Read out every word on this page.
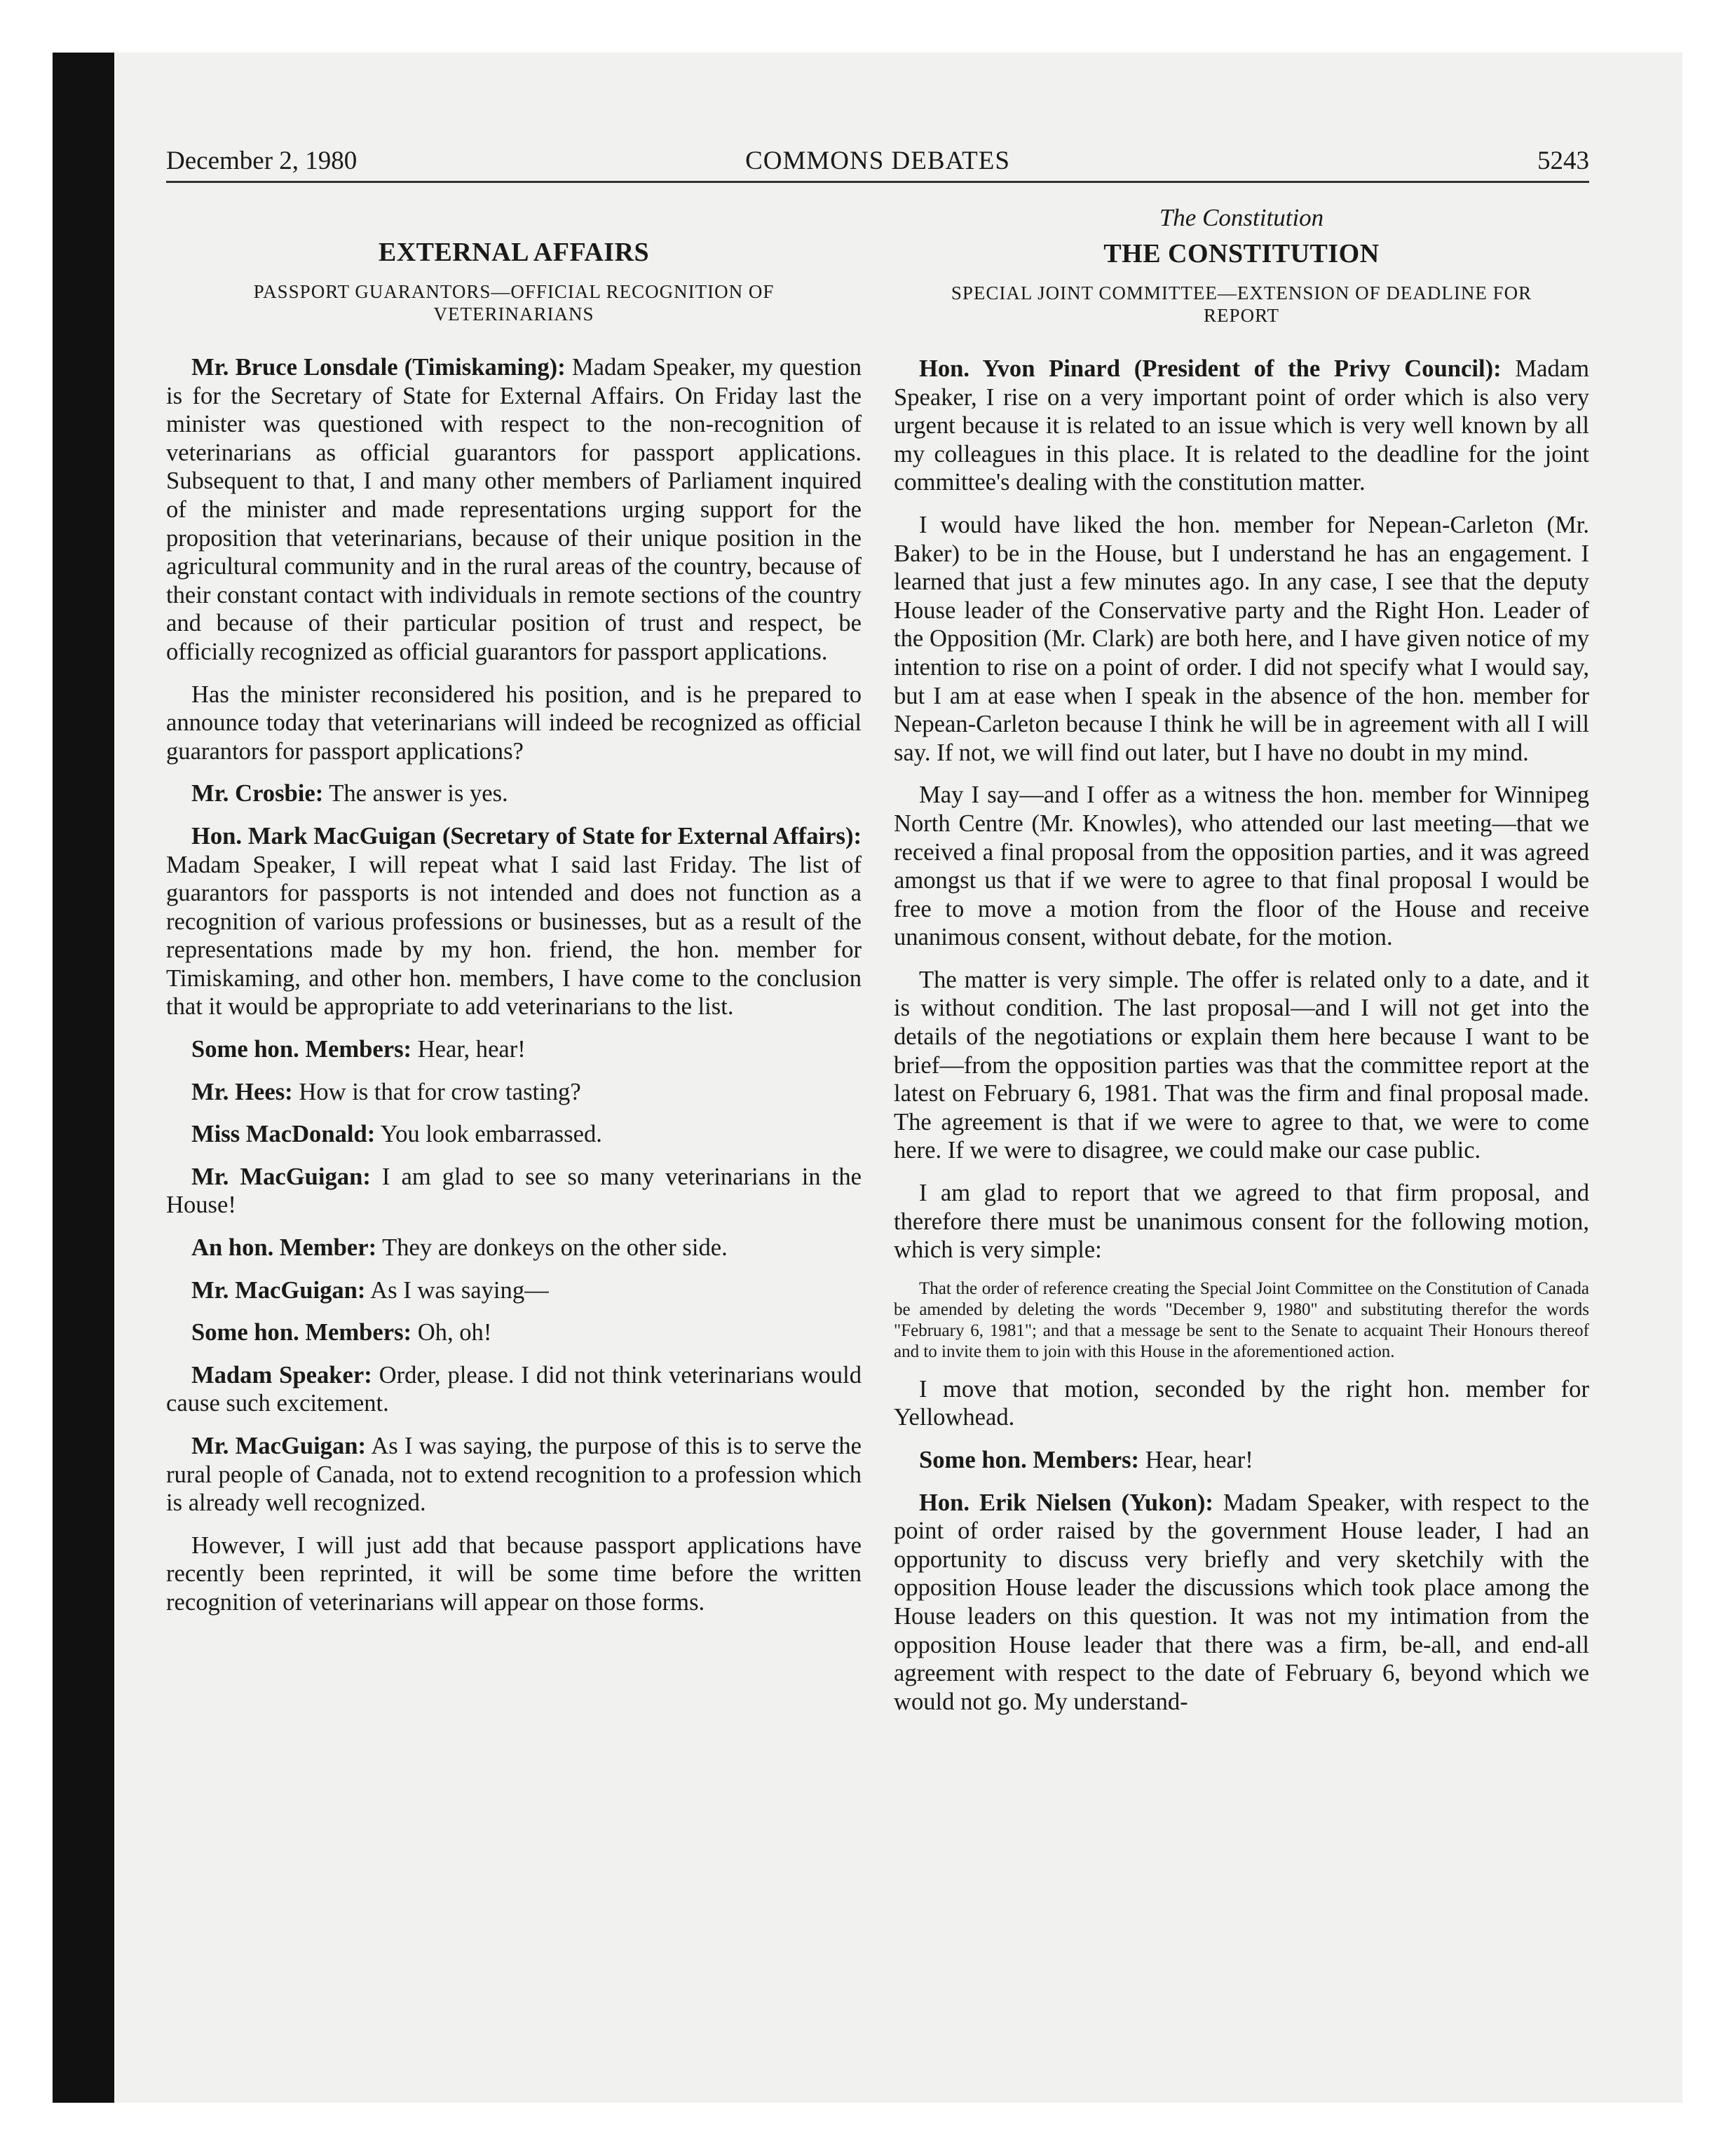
COMMONS DEBATES
December 2, 1980	5243
EXTERNAL AFFAIRS
PASSPORT GUARANTORS—OFFICIAL RECOGNITION OF VETERINARIANS

Mr. Bruce Lonsdale (Timiskaming): Madam Speaker, my question is for the Secretary of State for External Affairs. On Friday last the minister was questioned with respect to the non-recognition of veterinarians as official guarantors for passport applications. Subsequent to that, I and many other members of Parliament inquired of the minister and made representations urging support for the proposition that veterinarians, because of their unique position in the agricultural community and in the rural areas of the country, because of their constant contact with individuals in remote sections of the country and because of their particular position of trust and respect, be officially recognized as official guarantors for passport applications.

Has the minister reconsidered his position, and is he prepared to announce today that veterinarians will indeed be recognized as official guarantors for passport applications?

Mr. Crosbie: The answer is yes.

Hon. Mark MacGuigan (Secretary of State for External Affairs): Madam Speaker, I will repeat what I said last Friday. The list of guarantors for passports is not intended and does not function as a recognition of various professions or businesses, but as a result of the representations made by my hon. friend, the hon. member for Timiskaming, and other hon. members, I have come to the conclusion that it would be appropriate to add veterinarians to the list.

Some hon. Members: Hear, hear!

Mr. Hees: How is that for crow tasting?

Miss MacDonald: You look embarrassed.

Mr. MacGuigan: I am glad to see so many veterinarians in the House!

An hon. Member: They are donkeys on the other side.

Mr. MacGuigan: As I was saying—

Some hon. Members: Oh, oh!

Madam Speaker: Order, please. I did not think veterinarians would cause such excitement.

Mr. MacGuigan: As I was saying, the purpose of this is to serve the rural people of Canada, not to extend recognition to a profession which is already well recognized.

However, I will just add that because passport applications have recently been reprinted, it will be some time before the written recognition of veterinarians will appear on those forms.

The Constitution
THE CONSTITUTION
SPECIAL JOINT COMMITTEE—EXTENSION OF DEADLINE FOR REPORT

Hon. Yvon Pinard (President of the Privy Council): Madam Speaker, I rise on a very important point of order which is also very urgent because it is related to an issue which is very well known by all my colleagues in this place. It is related to the deadline for the joint committee's dealing with the constitution matter.

I would have liked the hon. member for Nepean-Carleton (Mr. Baker) to be in the House, but I understand he has an engagement. I learned that just a few minutes ago. In any case, I see that the deputy House leader of the Conservative party and the Right Hon. Leader of the Opposition (Mr. Clark) are both here, and I have given notice of my intention to rise on a point of order. I did not specify what I would say, but I am at ease when I speak in the absence of the hon. member for Nepean-Carleton because I think he will be in agreement with all I will say. If not, we will find out later, but I have no doubt in my mind.

May I say—and I offer as a witness the hon. member for Winnipeg North Centre (Mr. Knowles), who attended our last meeting—that we received a final proposal from the opposition parties, and it was agreed amongst us that if we were to agree to that final proposal I would be free to move a motion from the floor of the House and receive unanimous consent, without debate, for the motion.

The matter is very simple. The offer is related only to a date, and it is without condition. The last proposal—and I will not get into the details of the negotiations or explain them here because I want to be brief—from the opposition parties was that the committee report at the latest on February 6, 1981. That was the firm and final proposal made. The agreement is that if we were to agree to that, we were to come here. If we were to disagree, we could make our case public.

I am glad to report that we agreed to that firm proposal, and therefore there must be unanimous consent for the following motion, which is very simple:

That the order of reference creating the Special Joint Committee on the Constitution of Canada be amended by deleting the words "December 9, 1980" and substituting therefor the words "February 6, 1981"; and that a message be sent to the Senate to acquaint Their Honours thereof and to invite them to join with this House in the aforementioned action.

I move that motion, seconded by the right hon. member for Yellowhead.

Some hon. Members: Hear, hear!

Hon. Erik Nielsen (Yukon): Madam Speaker, with respect to the point of order raised by the government House leader, I had an opportunity to discuss very briefly and very sketchily with the opposition House leader the discussions which took place among the House leaders on this question. It was not my intimation from the opposition House leader that there was a firm, be-all, and end-all agreement with respect to the date of February 6, beyond which we would not go. My understand-
